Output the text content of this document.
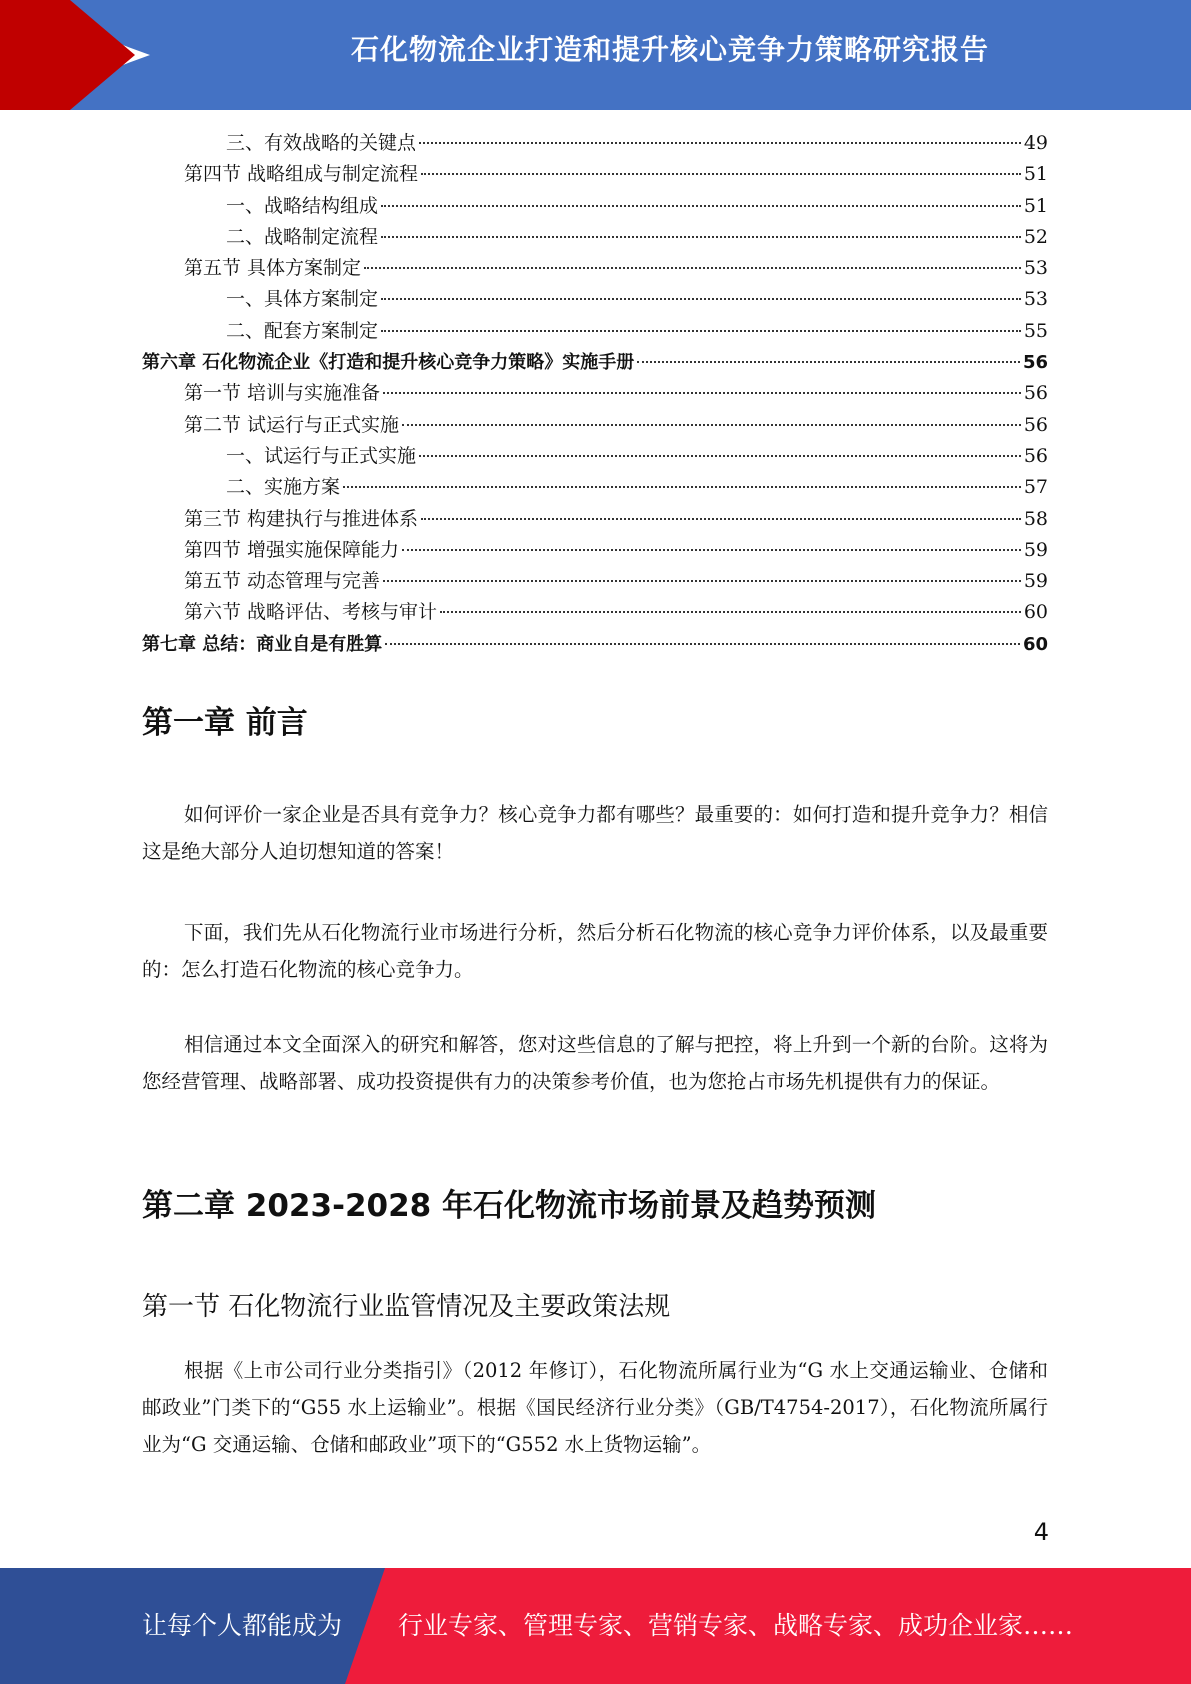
石化物流企业打造和提升核心竞争力策略研究报告
三、有效战略的关键点	49
第四节 战略组成与制定流程	51
一、战略结构组成	51
二、战略制定流程	52
第五节 具体方案制定	53
一、具体方案制定	53
二、配套方案制定	55
第六章 石化物流企业《打造和提升核心竞争力策略》实施手册	56
第一节 培训与实施准备	56
第二节 试运行与正式实施	56
一、试运行与正式实施	56
二、实施方案	57
第三节 构建执行与推进体系	58
第四节 增强实施保障能力	59
第五节 动态管理与完善	59
第六节 战略评估、考核与审计	60
第七章 总结：商业自是有胜算	60
第一章 前言
如何评价一家企业是否具有竞争力？核心竞争力都有哪些？最重要的：如何打造和提升竞争力？相信这是绝大部分人迫切想知道的答案！
下面，我们先从石化物流行业市场进行分析，然后分析石化物流的核心竞争力评价体系，以及最重要的：怎么打造石化物流的核心竞争力。
相信通过本文全面深入的研究和解答，您对这些信息的了解与把控，将上升到一个新的台阶。这将为您经营管理、战略部署、成功投资提供有力的决策参考价值，也为您抢占市场先机提供有力的保证。
第二章 2023-2028 年石化物流市场前景及趋势预测
第一节 石化物流行业监管情况及主要政策法规
根据《上市公司行业分类指引》（2012 年修订），石化物流所属行业为“G 水上交通运输业、仓储和邮政业”门类下的“G55 水上运输业”。根据《国民经济行业分类》（GB/T4754-2017），石化物流所属行业为“G 交通运输、仓储和邮政业”项下的“G552 水上货物运输”。
4
让每个人都能成为 行业专家、管理专家、营销专家、战略专家、成功企业家……
